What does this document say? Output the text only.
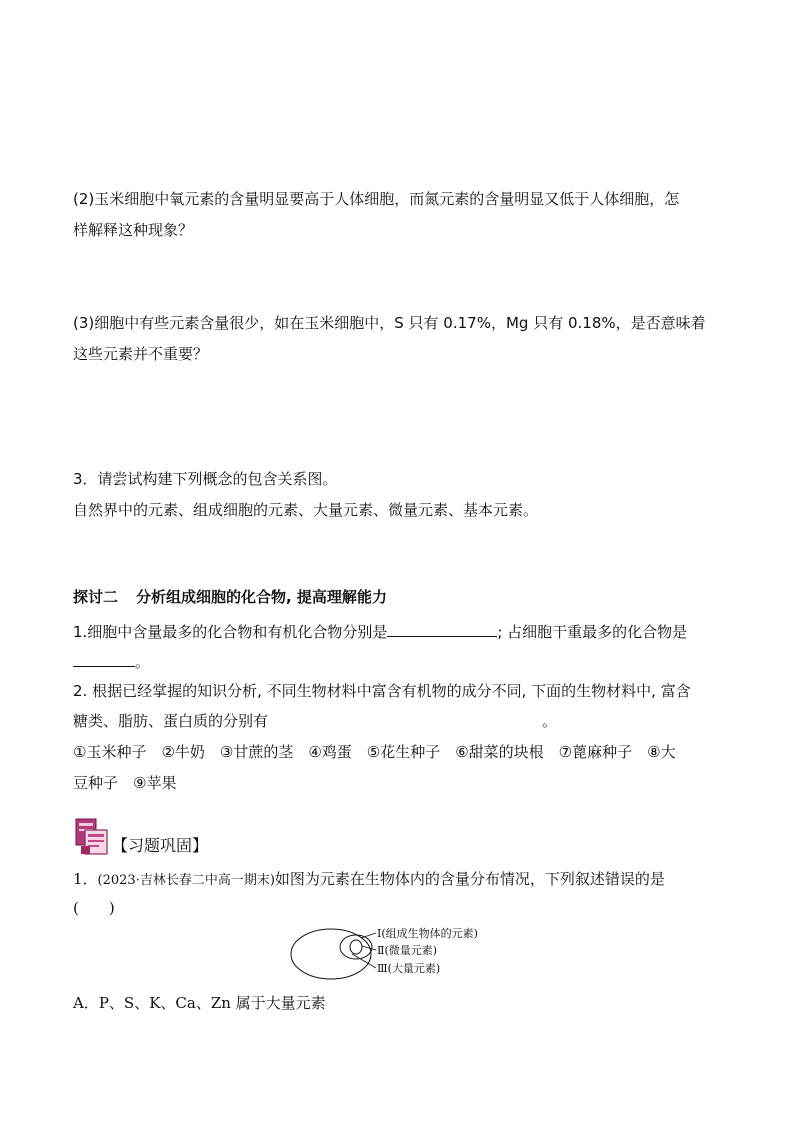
(2)玉米细胞中氧元素的含量明显要高于人体细胞，而氮元素的含量明显又低于人体细胞，怎
样解释这种现象？
(3)细胞中有些元素含量很少，如在玉米细胞中，S 只有 0.17%，Mg 只有 0.18%，是否意味着
这些元素并不重要？
3．请尝试构建下列概念的包含关系图。
自然界中的元素、组成细胞的元素、大量元素、微量元素、基本元素。
探讨二 分析组成细胞的化合物, 提高理解能力
1.细胞中含量最多的化合物和有机化合物分别是	; 占细胞干重最多的化合物是
。
2. 根据已经掌握的知识分析, 不同生物材料中富含有机物的成分不同, 下面的生物材料中, 富含
糖类、脂肪、蛋白质的分别有	。
①玉米种子　②牛奶　③甘蔗的茎　④鸡蛋　⑤花生种子　⑥甜菜的块根　⑦蓖麻种子　⑧大
豆种子　⑨苹果
【习题巩固】
1．(2023·吉林长春二中高一期末)如图为元素在生物体内的含量分布情况，下列叙述错误的是
(　　)
Ⅰ(组成生物体的元素)
Ⅱ(微量元素)
Ⅲ(大量元素)
A．P、S、K、Ca、Zn 属于大量元素
